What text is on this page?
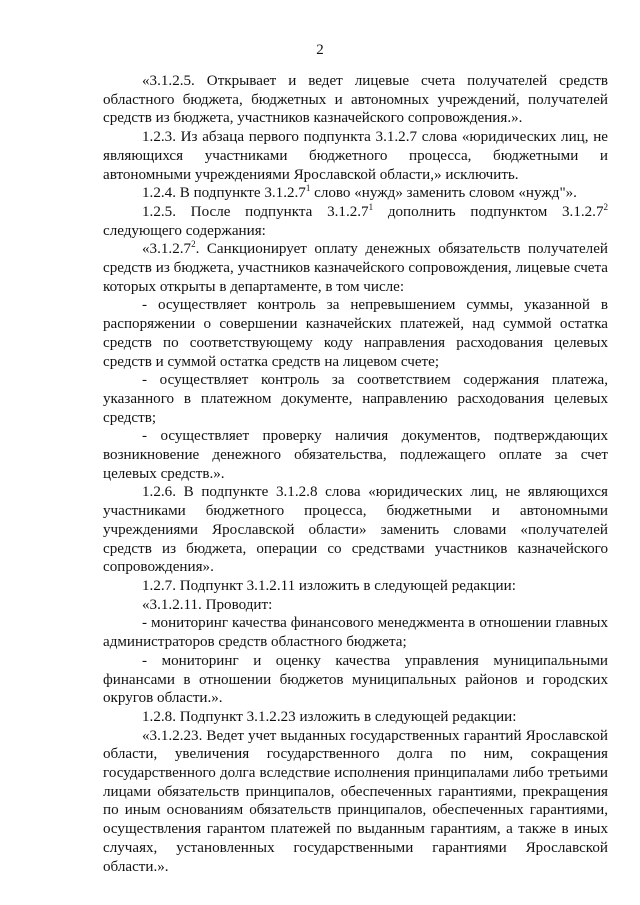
2

«3.1.2.5. Открывает и ведет лицевые счета получателей средств областного бюджета, бюджетных и автономных учреждений, получателей средств из бюджета, участников казначейского сопровождения.».

1.2.3. Из абзаца первого подпункта 3.1.2.7 слова «юридических лиц, не являющихся участниками бюджетного процесса, бюджетными и автономными учреждениями Ярославской области,» исключить.

1.2.4. В подпункте 3.1.2.7$^1$ слово «нужд» заменить словом «нужд"».

1.2.5. После подпункта 3.1.2.7$^1$ дополнить подпунктом 3.1.2.7$^2$ следующего содержания:

«3.1.2.7$^2$. Санкционирует оплату денежных обязательств получателей средств из бюджета, участников казначейского сопровождения, лицевые счета которых открыты в департаменте, в том числе:

- осуществляет контроль за непревышением суммы, указанной в распоряжении о совершении казначейских платежей, над суммой остатка средств по соответствующему коду направления расходования целевых средств и суммой остатка средств на лицевом счете;

- осуществляет контроль за соответствием содержания платежа, указанного в платежном документе, направлению расходования целевых средств;

- осуществляет проверку наличия документов, подтверждающих возникновение денежного обязательства, подлежащего оплате за счет целевых средств.».

1.2.6. В подпункте 3.1.2.8 слова «юридических лиц, не являющихся участниками бюджетного процесса, бюджетными и автономными учреждениями Ярославской области» заменить словами «получателей средств из бюджета, операции со средствами участников казначейского сопровождения».

1.2.7. Подпункт 3.1.2.11 изложить в следующей редакции:

«3.1.2.11. Проводит:

- мониторинг качества финансового менеджмента в отношении главных администраторов средств областного бюджета;

- мониторинг и оценку качества управления муниципальными финансами в отношении бюджетов муниципальных районов и городских округов области.».

1.2.8. Подпункт 3.1.2.23 изложить в следующей редакции:

«3.1.2.23. Ведет учет выданных государственных гарантий Ярославской области, увеличения государственного долга по ним, сокращения государственного долга вследствие исполнения принципалами либо третьими лицами обязательств принципалов, обеспеченных гарантиями, прекращения по иным основаниям обязательств принципалов, обеспеченных гарантиями, осуществления гарантом платежей по выданным гарантиям, а также в иных случаях, установленных государственными гарантиями Ярославской области.».
